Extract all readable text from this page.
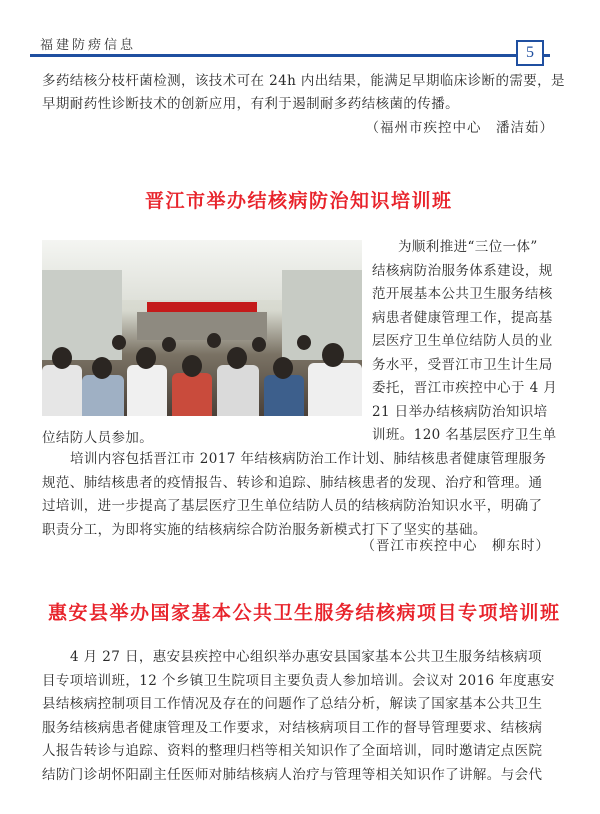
福建防痨信息	5

多药结核分枝杆菌检测，该技术可在 24h 内出结果，能满足早期临床诊断的需要，是

早期耐药性诊断技术的创新应用，有利于遏制耐多药结核菌的传播。

（福州市疾控中心　潘洁茹）
晋江市举办结核病防治知识培训班

为顺利推进“三位一体”

结核病防治服务体系建设，规

范开展基本公共卫生服务结核

病患者健康管理工作，提高基

层医疗卫生单位结防人员的业

务水平，受晋江市卫生计生局

委托，晋江市疾控中心于 4 月

21 日举办结核病防治知识培

训班。120 名基层医疗卫生单

位结防人员参加。

培训内容包括晋江市 2017 年结核病防治工作计划、肺结核患者健康管理服务

规范、肺结核患者的疫情报告、转诊和追踪、肺结核患者的发现、治疗和管理。通

过培训，进一步提高了基层医疗卫生单位结防人员的结核病防治知识水平，明确了

职责分工，为即将实施的结核病综合防治服务新模式打下了坚实的基础。

（晋江市疾控中心　柳东时）
惠安县举办国家基本公共卫生服务结核病项目专项培训班

4 月 27 日，惠安县疾控中心组织举办惠安县国家基本公共卫生服务结核病项

目专项培训班，12 个乡镇卫生院项目主要负责人参加培训。会议对 2016 年度惠安

县结核病控制项目工作情况及存在的问题作了总结分析，解读了国家基本公共卫生

服务结核病患者健康管理及工作要求，对结核病项目工作的督导管理要求、结核病

人报告转诊与追踪、资料的整理归档等相关知识作了全面培训，同时邀请定点医院

结防门诊胡怀阳副主任医师对肺结核病人治疗与管理等相关知识作了讲解。与会代
